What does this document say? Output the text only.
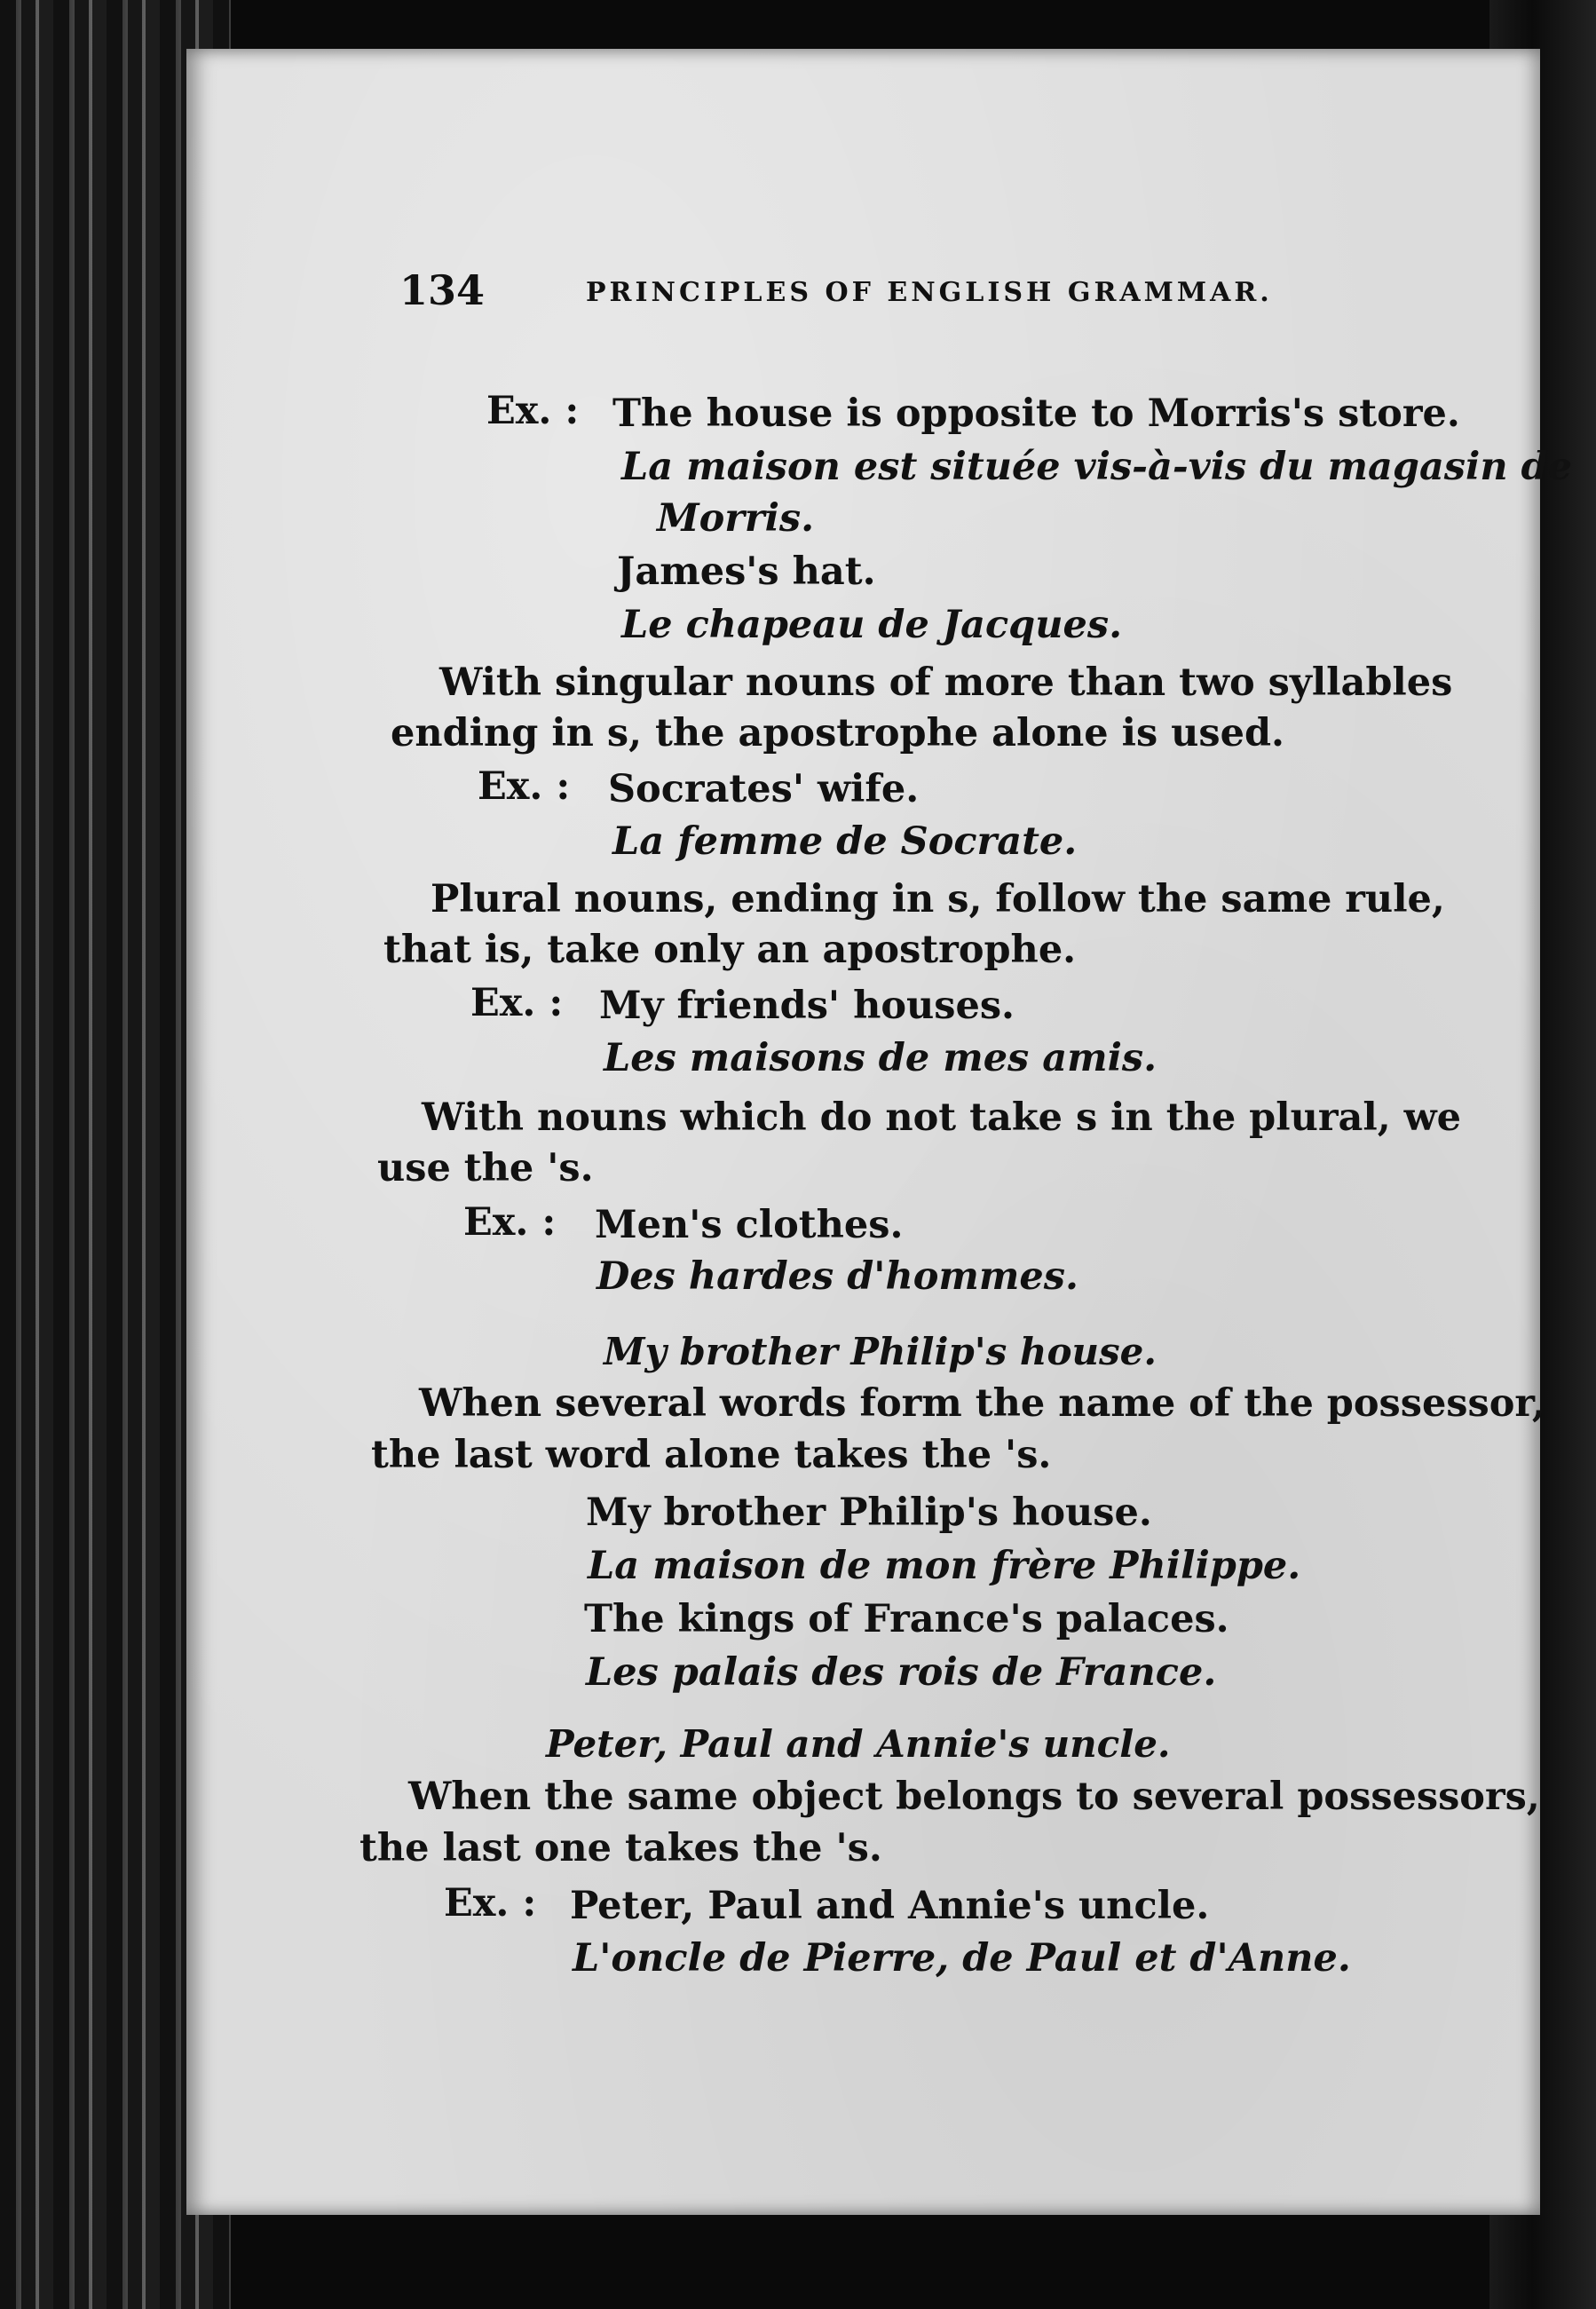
134	PRINCIPLES OF ENGLISH GRAMMAR.
Ex. : The house is opposite to Morris's store.
La maison est située vis-à-vis du magasin de
Morris.
James's hat.
Le chapeau de Jacques.
With singular nouns of more than two syllables
ending in s, the apostrophe alone is used.
Ex. : Socrates' wife.
La femme de Socrate.
Plural nouns, ending in s, follow the same rule,
that is, take only an apostrophe.
Ex. : My friends' houses.
Les maisons de mes amis.
With nouns which do not take s in the plural, we
use the 's.
Ex. : Men's clothes.
Des hardes d'hommes.
My brother Philip's house.
When several words form the name of the possessor,
the last word alone takes the 's.
My brother Philip's house.
La maison de mon frère Philippe.
The kings of France's palaces.
Les palais des rois de France.
Peter, Paul and Annie's uncle.
When the same object belongs to several possessors,
the last one takes the 's.
Ex. : Peter, Paul and Annie's uncle.
L'oncle de Pierre, de Paul et d'Anne.
